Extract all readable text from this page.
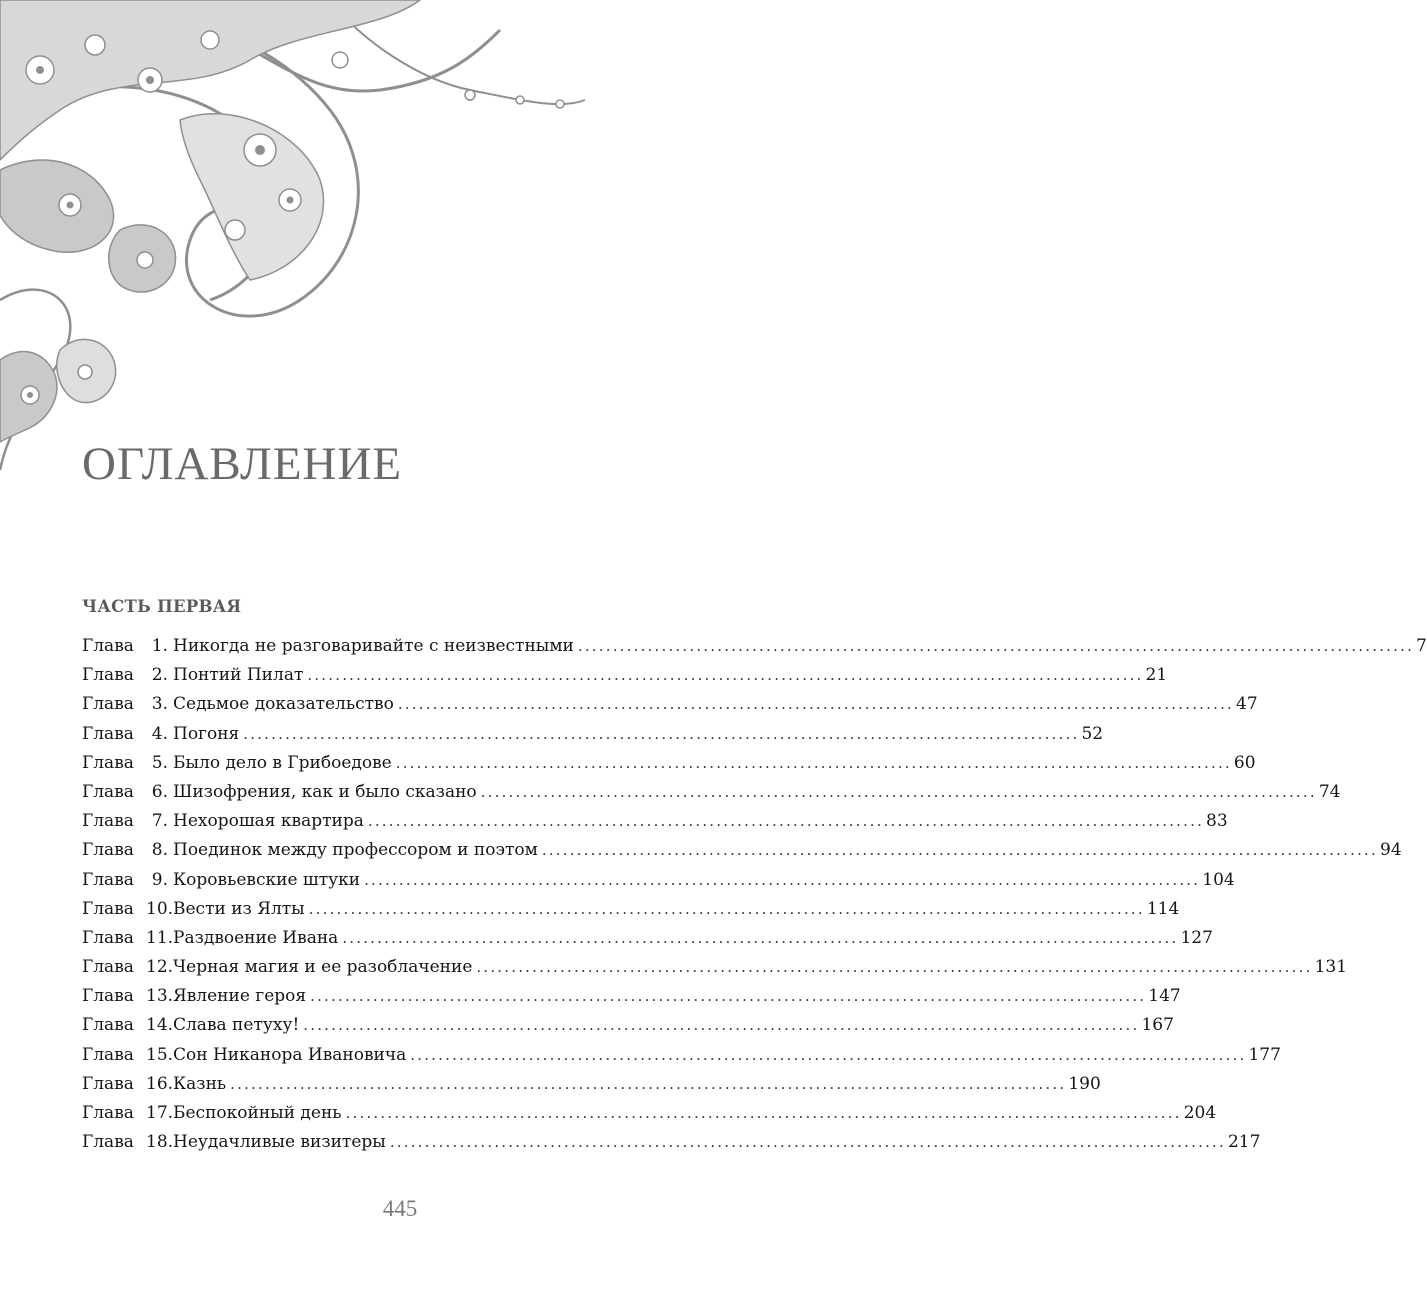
ОГЛАВЛЕНИЕ
ЧАСТЬ ПЕРВАЯ
Глава	1. Никогда не разговаривайте с неизвестными ........................................................................................................................ 7
Глава	2. Понтий Пилат ........................................................................................................................ 21
Глава	3. Седьмое доказательство ........................................................................................................................ 47
Глава	4. Погоня ........................................................................................................................ 52
Глава	5. Было дело в Грибоедове ........................................................................................................................ 60
Глава	6. Шизофрения, как и было сказано ........................................................................................................................ 74
Глава	7. Нехорошая квартира ........................................................................................................................ 83
Глава	8. Поединок между профессором и поэтом ........................................................................................................................ 94
Глава	9. Коровьевские штуки ........................................................................................................................ 104
Глава 10. Вести из Ялты ........................................................................................................................ 114
Глава 11. Раздвоение Ивана ........................................................................................................................ 127
Глава 12. Черная магия и ее разоблачение ........................................................................................................................ 131
Глава 13. Явление героя ........................................................................................................................ 147
Глава 14. Слава петуху! ........................................................................................................................ 167
Глава 15. Сон Никанора Ивановича ........................................................................................................................ 177
Глава 16. Казнь ........................................................................................................................ 190
Глава 17. Беспокойный день ........................................................................................................................ 204
Глава 18. Неудачливые визитеры ........................................................................................................................ 217
445
